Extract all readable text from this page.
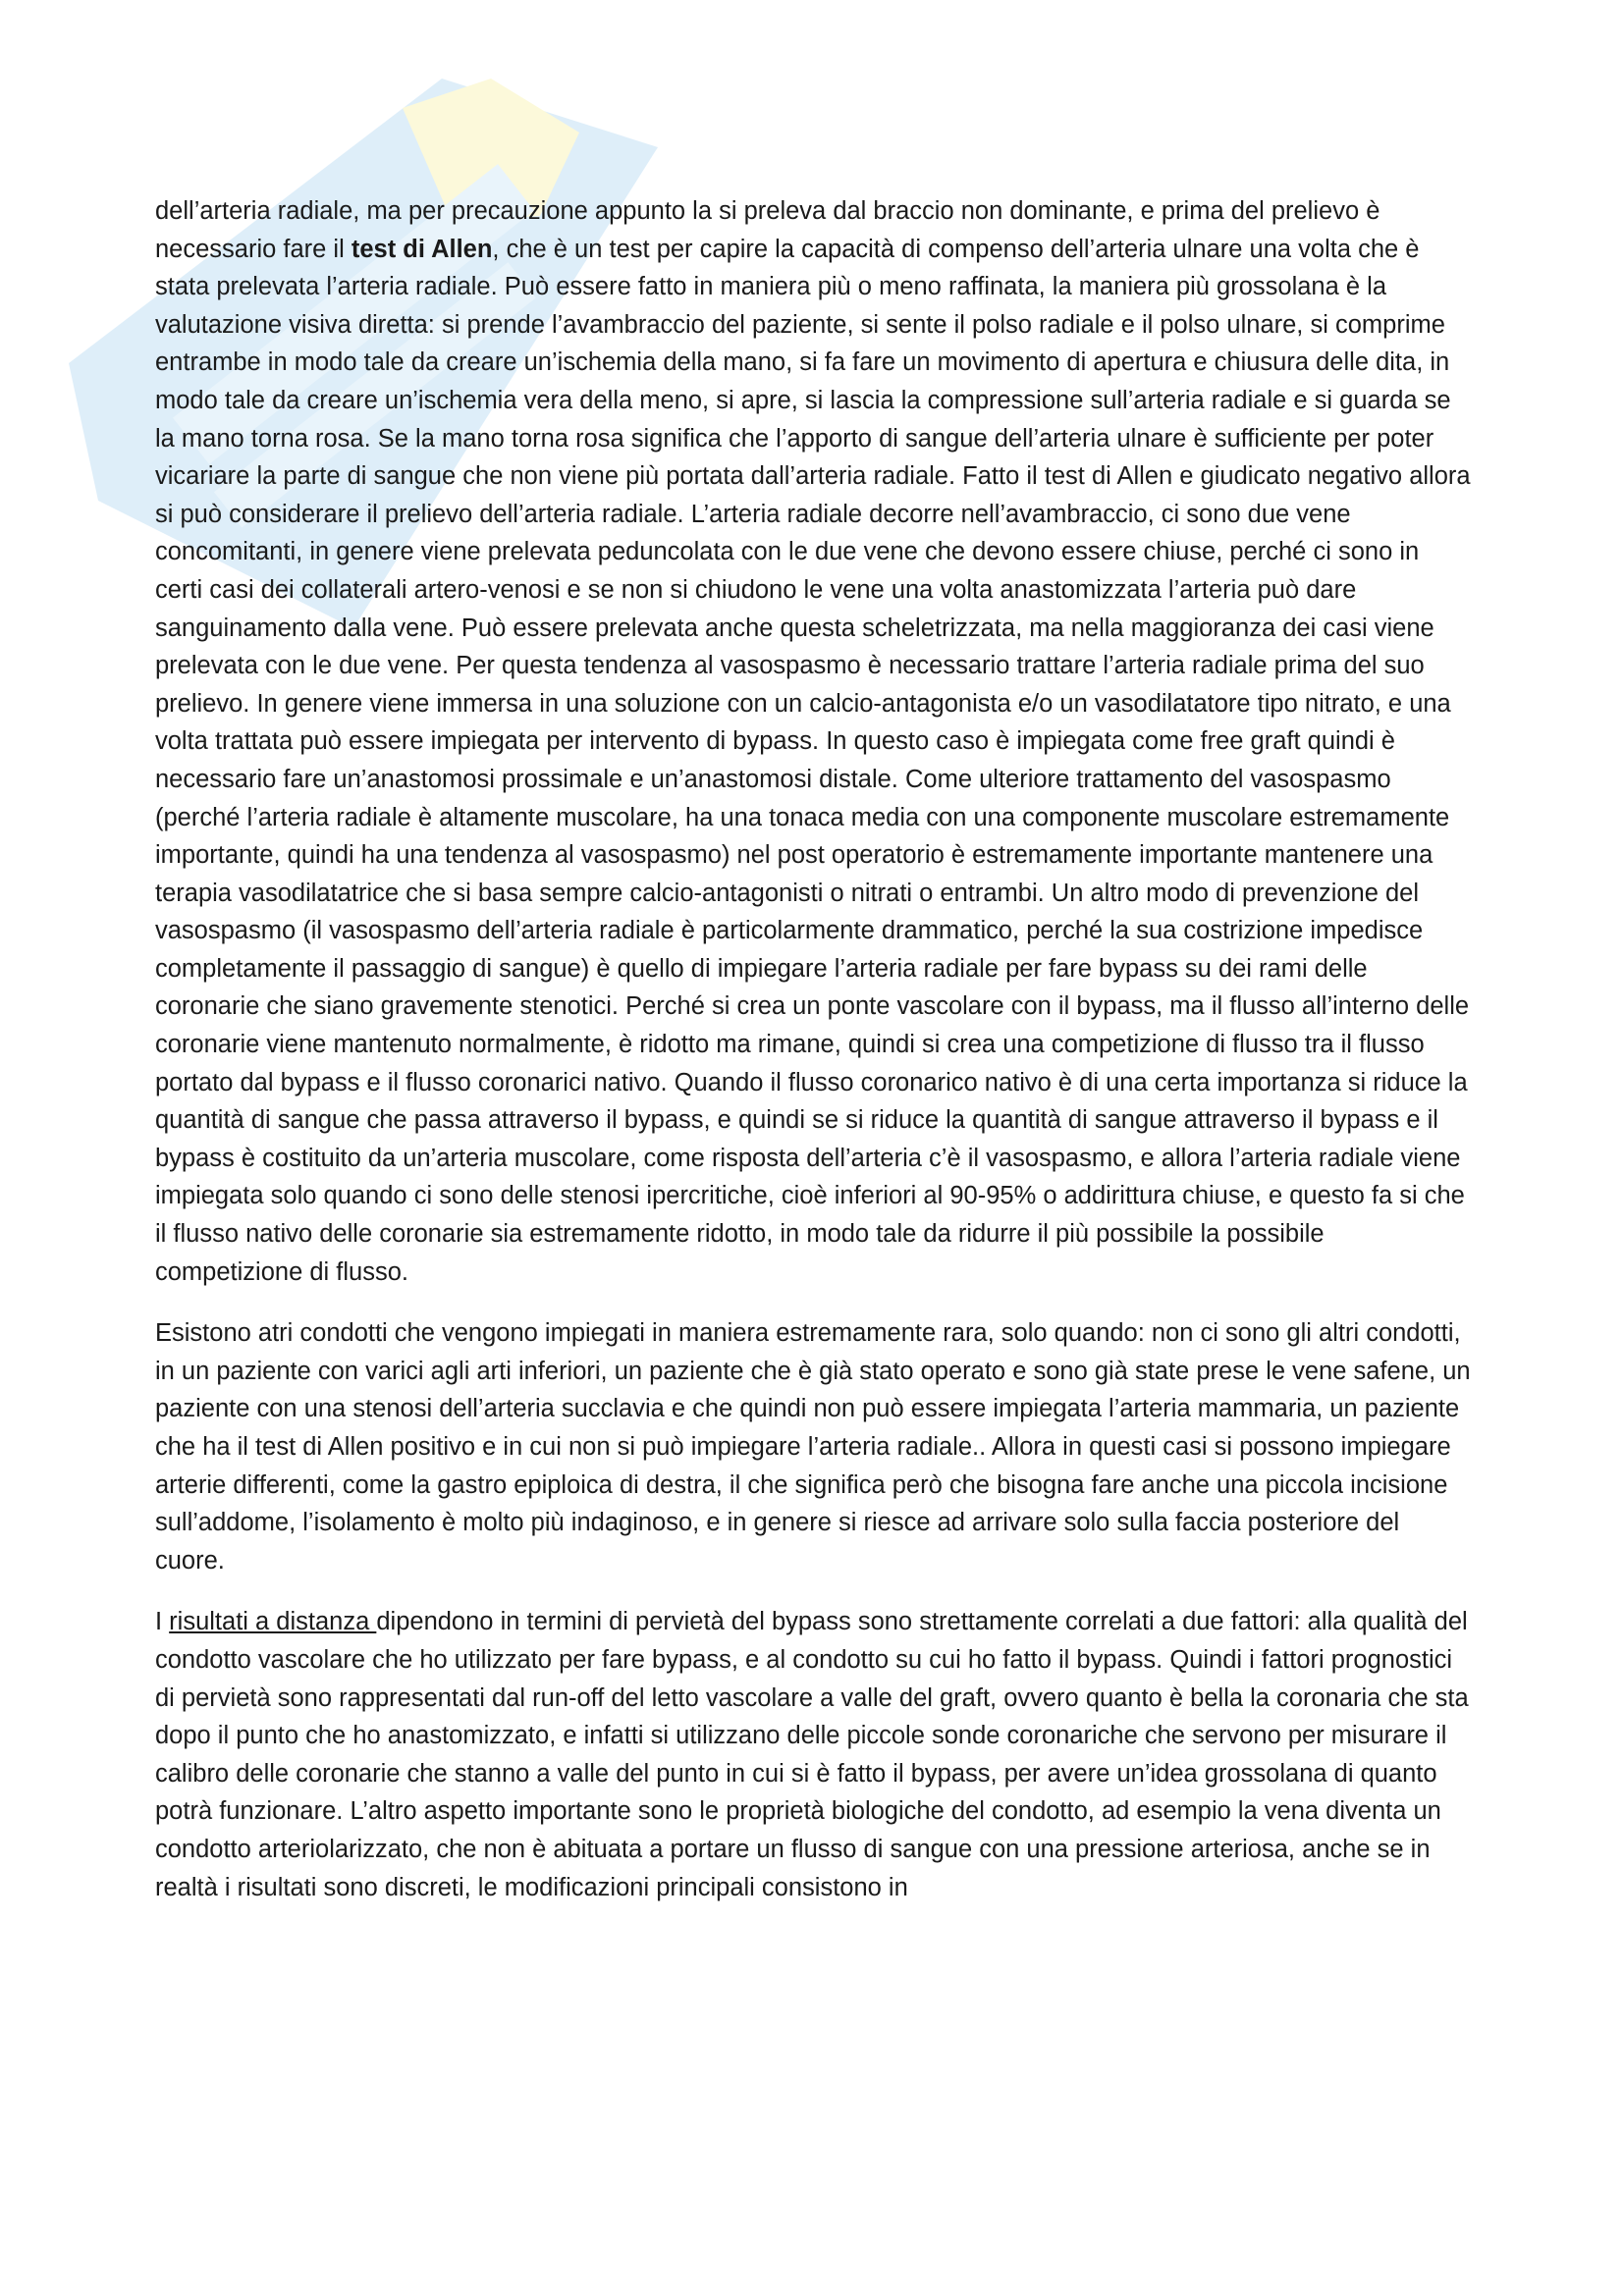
dell’arteria radiale, ma per precauzione appunto la si preleva dal braccio non dominante, e prima del prelievo è necessario fare il test di Allen, che è un test per capire la capacità di compenso dell’arteria ulnare una volta che è stata prelevata l’arteria radiale. Può essere fatto in maniera più o meno raffinata, la maniera più grossolana è la valutazione visiva diretta: si prende l’avambraccio del paziente, si sente il polso radiale e il polso ulnare, si comprime entrambe in modo tale da creare un’ischemia della mano, si fa fare un movimento di apertura e chiusura delle dita, in modo tale da creare un’ischemia vera della meno, si apre, si lascia la compressione sull’arteria radiale e si guarda se la mano torna rosa. Se la mano torna rosa significa che l’apporto di sangue dell’arteria ulnare è sufficiente per poter vicariare la parte di sangue che non viene più portata dall’arteria radiale. Fatto il test di Allen e giudicato negativo allora si può considerare il prelievo dell’arteria radiale. L’arteria radiale decorre nell’avambraccio, ci sono due vene concomitanti, in genere viene prelevata peduncolata con le due vene che devono essere chiuse, perché ci sono in certi casi dei collaterali artero-venosi e se non si chiudono le vene una volta anastomizzata l’arteria può dare sanguinamento dalla vene. Può essere prelevata anche questa scheletrizzata, ma nella maggioranza dei casi viene prelevata con le due vene. Per questa tendenza al vasospasmo è necessario trattare l’arteria radiale prima del suo prelievo. In genere viene immersa in una soluzione con un calcio-antagonista e/o un vasodilatatore tipo nitrato, e una volta trattata può essere impiegata per intervento di bypass. In questo caso è impiegata come free graft quindi è necessario fare un’anastomosi prossimale e un’anastomosi distale. Come ulteriore trattamento del vasospasmo (perché l’arteria radiale è altamente muscolare, ha una tonaca media con una componente muscolare estremamente importante, quindi ha una tendenza al vasospasmo) nel post operatorio è estremamente importante mantenere una terapia vasodilatatrice che si basa sempre calcio-antagonisti o nitrati o entrambi. Un altro modo di prevenzione del vasospasmo (il vasospasmo dell’arteria radiale è particolarmente drammatico, perché la sua costrizione impedisce completamente il passaggio di sangue) è quello di impiegare l’arteria radiale per fare bypass su dei rami delle coronarie che siano gravemente stenotici. Perché si crea un ponte vascolare con il bypass, ma il flusso all’interno delle coronarie viene mantenuto normalmente, è ridotto ma rimane, quindi si crea una competizione di flusso tra il flusso portato dal bypass e il flusso coronarici nativo. Quando il flusso coronarico nativo è di una certa importanza si riduce la quantità di sangue che passa attraverso il bypass, e quindi se si riduce la quantità di sangue attraverso il bypass e il bypass è costituito da un’arteria muscolare, come risposta dell’arteria c’è il vasospasmo, e allora l’arteria radiale viene impiegata solo quando ci sono delle stenosi ipercritiche, cioè inferiori al 90-95% o addirittura chiuse, e questo fa si che il flusso nativo delle coronarie sia estremamente ridotto, in modo tale da ridurre il più possibile la possibile competizione di flusso.

Esistono atri condotti che vengono impiegati in maniera estremamente rara, solo quando: non ci sono gli altri condotti, in un paziente con varici agli arti inferiori, un paziente che è già stato operato e sono già state prese le vene safene, un paziente con una stenosi dell’arteria succlavia e che quindi non può essere impiegata l’arteria mammaria, un paziente che ha il test di Allen positivo e in cui non si può impiegare l’arteria radiale.. Allora in questi casi si possono impiegare arterie differenti, come la gastro epiploica di destra, il che significa però che bisogna fare anche una piccola incisione sull’addome, l’isolamento è molto più indaginoso, e in genere si riesce ad arrivare solo sulla faccia posteriore del cuore.

I risultati a distanza dipendono in termini di pervietà del bypass sono strettamente correlati a due fattori: alla qualità del condotto vascolare che ho utilizzato per fare bypass, e al condotto su cui ho fatto il bypass. Quindi i fattori prognostici di pervietà sono rappresentati dal run-off del letto vascolare a valle del graft, ovvero quanto è bella la coronaria che sta dopo il punto che ho anastomizzato, e infatti si utilizzano delle piccole sonde coronariche che servono per misurare il calibro delle coronarie che stanno a valle del punto in cui si è fatto il bypass, per avere un’idea grossolana di quanto potrà funzionare. L’altro aspetto importante sono le proprietà biologiche del condotto, ad esempio la vena diventa un condotto arteriolarizzato, che non è abituata a portare un flusso di sangue con una pressione arteriosa, anche se in realtà i risultati sono discreti, le modificazioni principali consistono in
